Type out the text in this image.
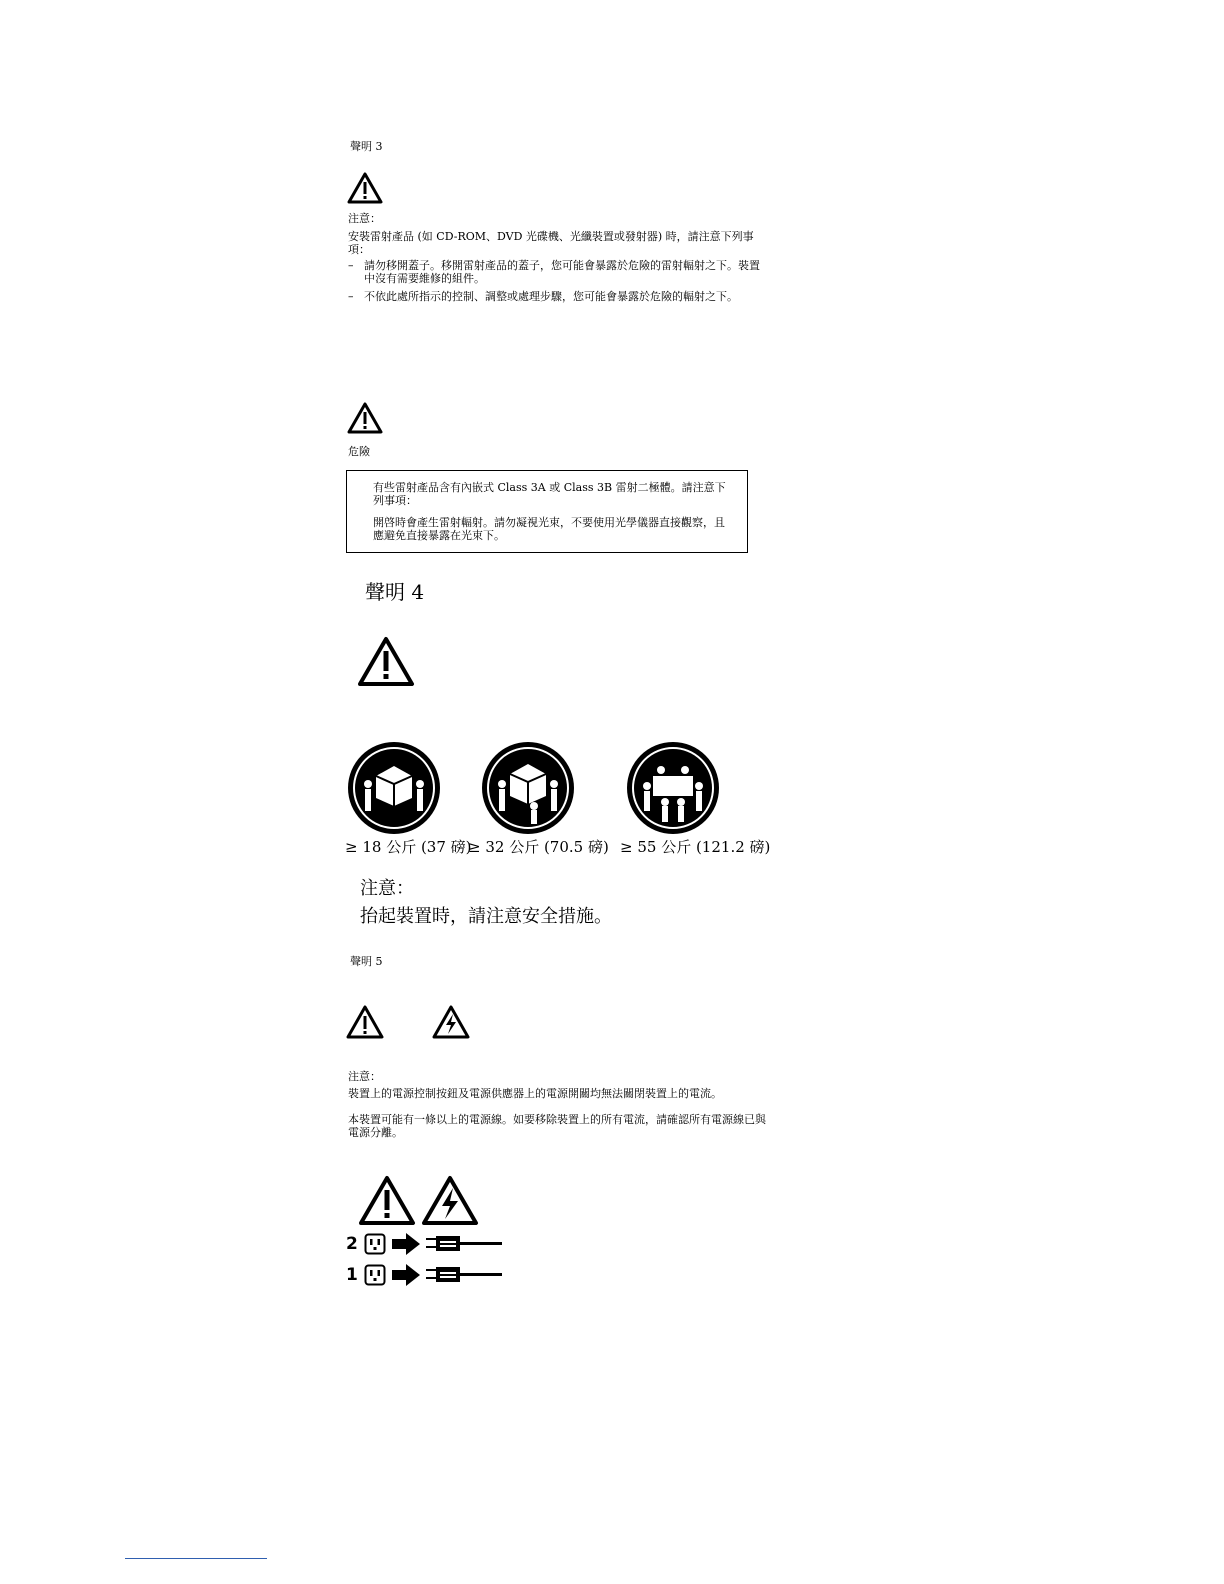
聲明 3
注意：
安裝雷射產品 (如 CD-ROM、DVD 光碟機、光纖裝置或發射器) 時，請注意下列事項：
– 請勿移開蓋子。移開雷射產品的蓋子，您可能會暴露於危險的雷射輻射之下。裝置中沒有需要維修的組件。
– 不依此處所指示的控制、調整或處理步驟，您可能會暴露於危險的輻射之下。
危險

有些雷射產品含有內嵌式 Class 3A 或 Class 3B 雷射二極體。請注意下列事項：

開啓時會產生雷射輻射。請勿凝視光束，不要使用光學儀器直接觀察，且應避免直接暴露在光束下。

聲明 4
≥ 18 公斤 (37 磅)
≥ 32 公斤 (70.5 磅) ≥ 55 公斤 (121.2 磅)
注意：
抬起裝置時，請注意安全措施。
聲明 5
注意：
裝置上的電源控制按鈕及電源供應器上的電源開關均無法關閉裝置上的電流。
本裝置可能有一條以上的電源線。如要移除裝置上的所有電流，請確認所有電源線已與電源分離。
2
1
